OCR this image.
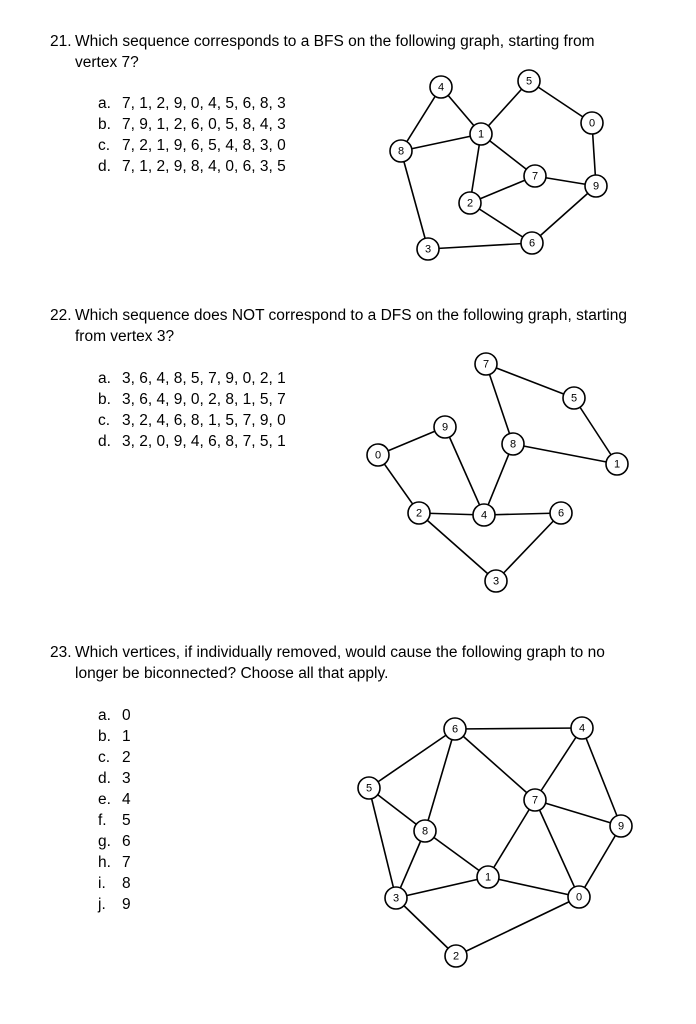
21. Which sequence corresponds to a BFS on the following graph, starting from vertex 7?
a. 7, 1, 2, 9, 0, 4, 5, 6, 8, 3
b. 7, 9, 1, 2, 6, 0, 5, 8, 4, 3
c. 7, 2, 1, 9, 6, 5, 4, 8, 3, 0
d. 7, 1, 2, 9, 8, 4, 0, 6, 3, 5
22. Which sequence does NOT correspond to a DFS on the following graph, starting from vertex 3?
a. 3, 6, 4, 8, 5, 7, 9, 0, 2, 1
b. 3, 6, 4, 9, 0, 2, 8, 1, 5, 7
c. 3, 2, 4, 6, 8, 1, 5, 7, 9, 0
d. 3, 2, 0, 9, 4, 6, 8, 7, 5, 1
23. Which vertices, if individually removed, would cause the following graph to no longer be biconnected? Choose all that apply.
a. 0
b. 1
c. 2
d. 3
e. 4
f. 5
g. 6
h. 7
i. 8
j. 9
4	5
0
8
1
7
9
2
3	6
7
5
9
8
0
1
2	4	6
3
6	4
5
7
8	9
1
3	0
2
